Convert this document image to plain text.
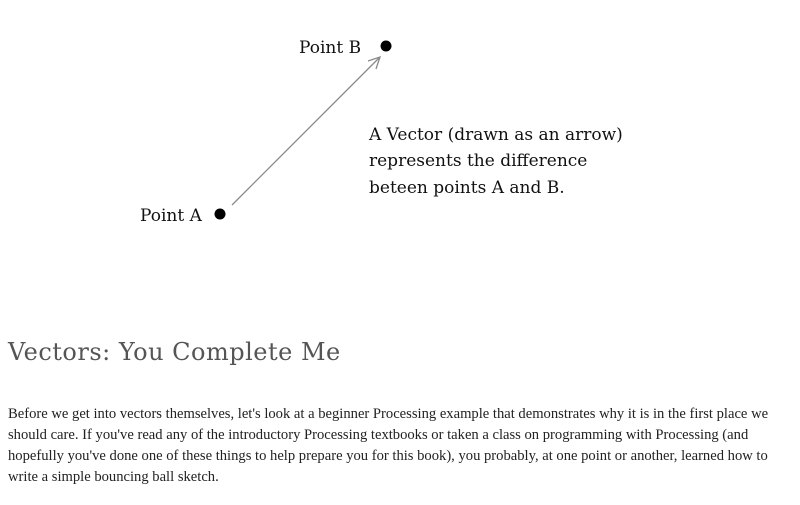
Point B
Point A
A Vector (drawn as an arrow)
represents the difference
beteen points A and B.
Vectors: You Complete Me

Before we get into vectors themselves, let's look at a beginner Processing example that demonstrates why it is in the first place we should care. If you've read any of the introductory Processing textbooks or taken a class on programming with Processing (and hopefully you've done one of these things to help prepare you for this book), you probably, at one point or another, learned how to write a simple bouncing ball sketch.
